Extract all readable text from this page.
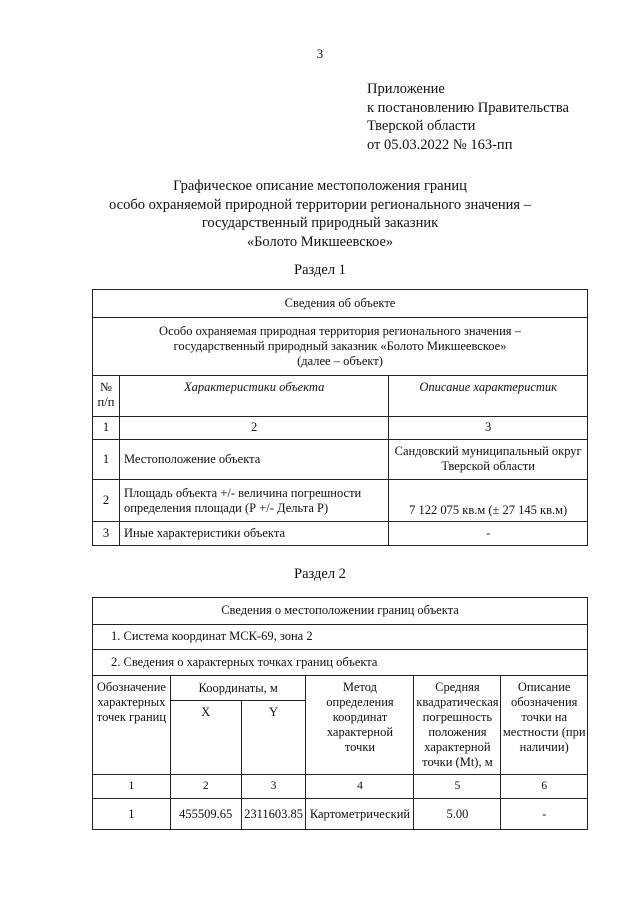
3
Приложение
к постановлению Правительства
Тверской области
от 05.03.2022 № 163-пп
Графическое описание местоположения границ
особо охраняемой природной территории регионального значения –
государственный природный заказник
«Болото Микшеевское»
Раздел 1
Сведения об объекте		

Особо охраняемая природная территория регионального значения –
государственный природный заказник «Болото Микшеевское»
(далее – объект)		

№ п/п	Характеристики объекта	Описание характеристик
1	2	3
1	Местоположение объекта	Сандовский муниципальный округ Тверской области
2	Площадь объекта +/- величина погрешности определения площади (Р +/- Дельта Р)	7 122 075 кв.м (± 27 145 кв.м)
3	Иные характеристики объекта	-
Раздел 2
Сведения о местоположении границ объекта					
1. Система координат МСК-69, зона 2					
2. Сведения о характерных точках границ объекта					
Обозначение характерных точек границ	Координаты, м		Метод определения координат характерной точки	Средняя квадратическая погрешность положения характерной точки (Mt), м	Описание обозначения точки на местности (при наличии)
	X	Y			
1	2	3	4	5	6
1	455509.65	2311603.85	Картометрический	5.00	-
